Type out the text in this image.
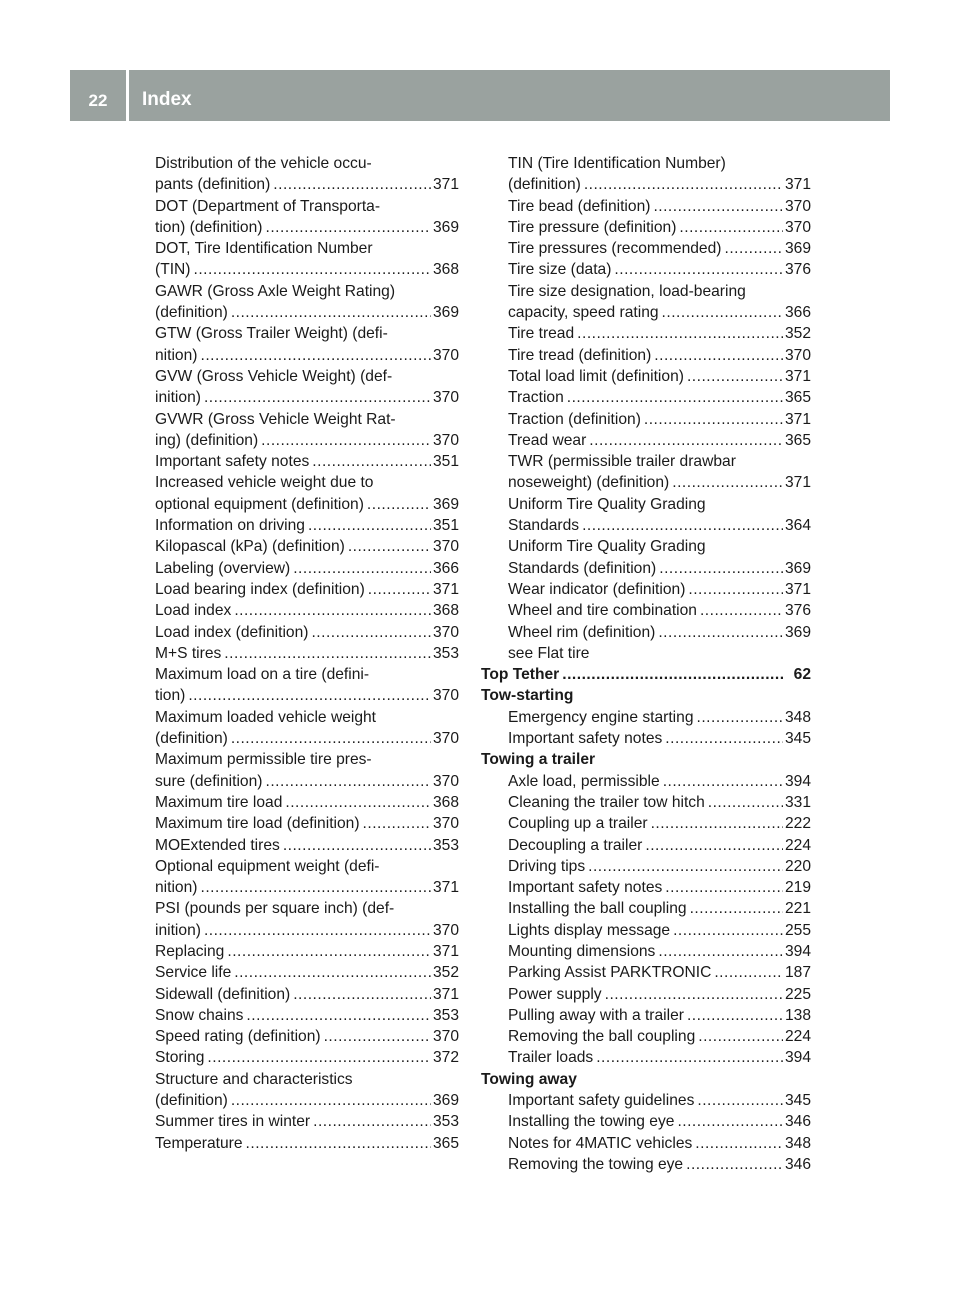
22	Index
Distribution of the vehicle occu-
pants (definition) .....	371
DOT (Department of Transporta-
tion) (definition) .....	369
DOT, Tire Identification Number
(TIN) .....	368
GAWR (Gross Axle Weight Rating)
(definition) .....	369
GTW (Gross Trailer Weight) (defi-
nition) .....	370
GVW (Gross Vehicle Weight) (def-
inition) .....	370
GVWR (Gross Vehicle Weight Rat-
ing) (definition) .....	370
Important safety notes .....	351
Increased vehicle weight due to
optional equipment (definition) .....	369
Information on driving .....	351
Kilopascal (kPa) (definition) .....	370
Labeling (overview) .....	366
Load bearing index (definition) .....	371
Load index .....	368
Load index (definition) .....	370
M+S tires .....	353
Maximum load on a tire (defini-
tion) .....	370
Maximum loaded vehicle weight
(definition) .....	370
Maximum permissible tire pres-
sure (definition) .....	370
Maximum tire load .....	368
Maximum tire load (definition) .....	370
MOExtended tires .....	353
Optional equipment weight (defi-
nition) .....	371
PSI (pounds per square inch) (def-
inition) .....	370
Replacing .....	371
Service life .....	352
Sidewall (definition) .....	371
Snow chains .....	353
Speed rating (definition) .....	370
Storing .....	372
Structure and characteristics
(definition) .....	369
Summer tires in winter .....	353
Temperature .....	365
TIN (Tire Identification Number)
(definition) .....	371
Tire bead (definition) .....	370
Tire pressure (definition) .....	370
Tire pressures (recommended) .....	369
Tire size (data) .....	376
Tire size designation, load-bearing
capacity, speed rating .....	366
Tire tread .....	352
Tire tread (definition) .....	370
Total load limit (definition) .....	371
Traction .....	365
Traction (definition) .....	371
Tread wear .....	365
TWR (permissible trailer drawbar
noseweight) (definition) .....	371
Uniform Tire Quality Grading
Standards .....	364
Uniform Tire Quality Grading
Standards (definition) .....	369
Wear indicator (definition) .....	371
Wheel and tire combination .....	376
Wheel rim (definition) .....	369
see Flat tire
Top Tether .....	62
Tow-starting
Emergency engine starting .....	348
Important safety notes .....	345
Towing a trailer
Axle load, permissible .....	394
Cleaning the trailer tow hitch .....	331
Coupling up a trailer .....	222
Decoupling a trailer .....	224
Driving tips .....	220
Important safety notes .....	219
Installing the ball coupling .....	221
Lights display message .....	255
Mounting dimensions .....	394
Parking Assist PARKTRONIC .....	187
Power supply .....	225
Pulling away with a trailer .....	138
Removing the ball coupling .....	224
Trailer loads .....	394
Towing away
Important safety guidelines .....	345
Installing the towing eye .....	346
Notes for 4MATIC vehicles .....	348
Removing the towing eye .....	346
